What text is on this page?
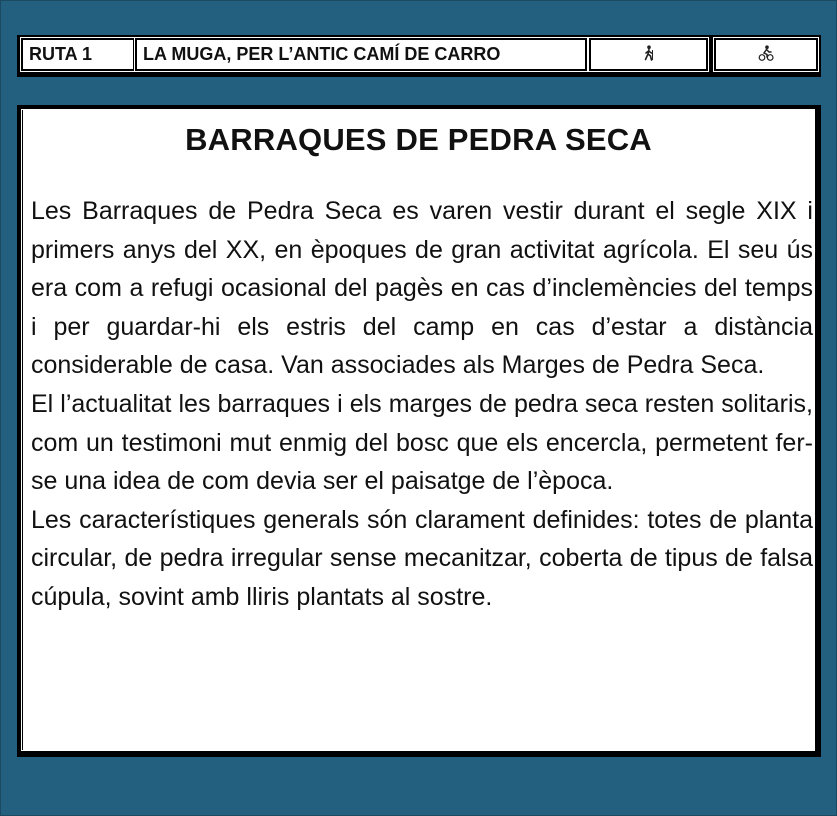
RUTA 1	LA MUGA, PER L’ANTIC CAMÍ DE CARRO
BARRAQUES DE PEDRA SECA

Les Barraques de Pedra Seca es varen vestir durant el segle XIX i primers anys del XX, en èpoques de gran activitat agrícola. El seu ús era com a refugi ocasional del pagès en cas d’inclemències del temps i per guardar-hi els estris del camp en cas d’estar a distància considerable de casa. Van associades als Marges de Pedra Seca.

El l’actualitat les barraques i els marges de pedra seca resten solitaris, com un testimoni mut enmig del bosc que els encercla, permetent fer-se una idea de com devia ser el paisatge de l’època.

Les característiques generals són clarament definides: totes de planta circular, de pedra irregular sense mecanitzar, coberta de tipus de falsa cúpula, sovint amb lliris plantats al sostre.
